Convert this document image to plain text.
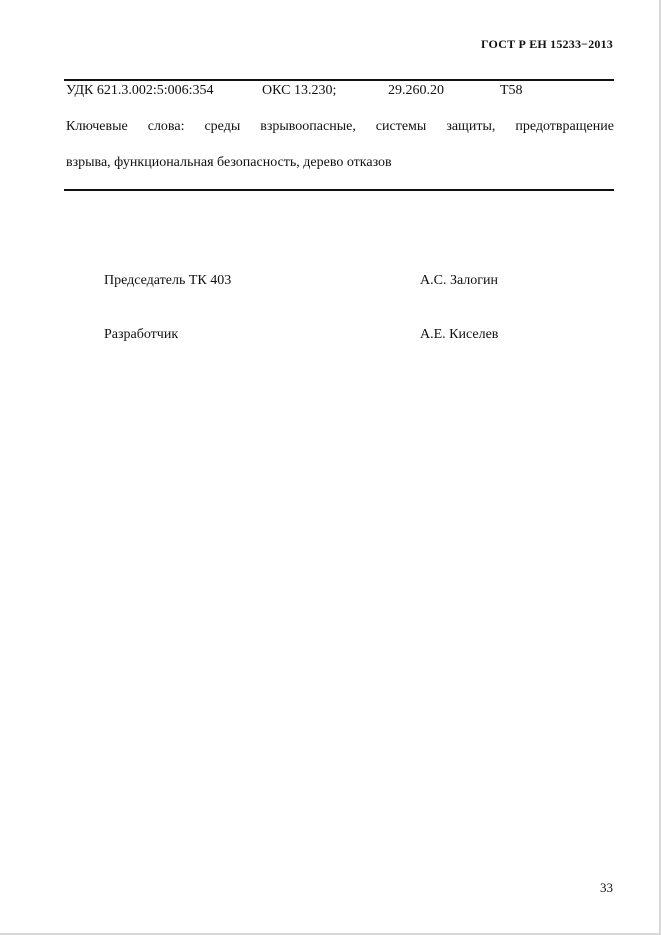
ГОСТ Р ЕН 15233−2013
УДК 621.3.002:5:006:354	ОКС 13.230;	29.260.20	Т58
Ключевые слова: среды взрывоопасные, системы защиты, предотвращение
взрыва, функциональная безопасность, дерево отказов
Председатель ТК 403	А.С. Залогин
Разработчик	А.Е. Киселев
33
